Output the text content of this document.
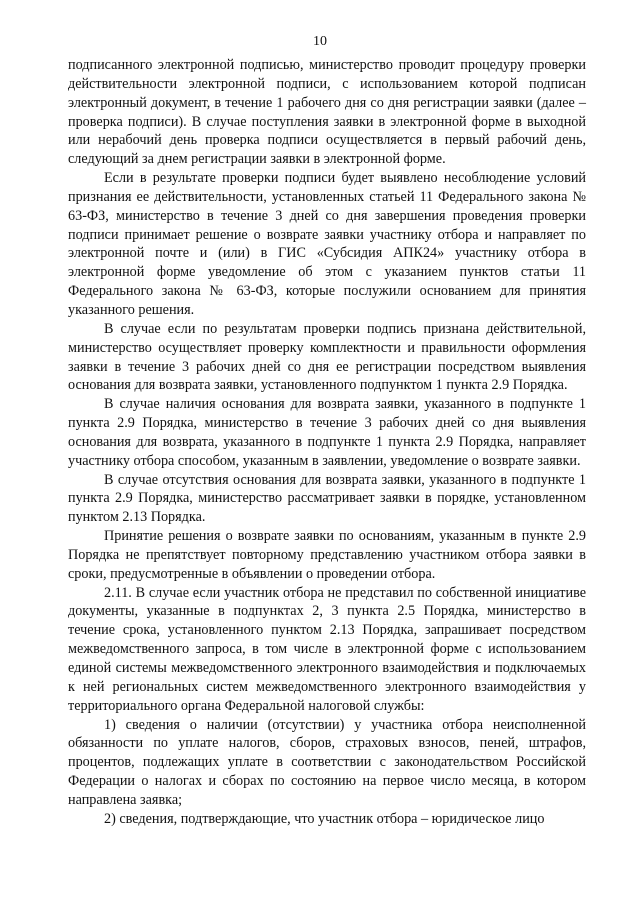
10

подписанного электронной подписью, министерство проводит процедуру проверки действительности электронной подписи, с использованием которой подписан электронный документ, в течение 1 рабочего дня со дня регистрации заявки (далее – проверка подписи). В случае поступления заявки в электронной форме в выходной или нерабочий день проверка подписи осуществляется в первый рабочий день, следующий за днем регистрации заявки в электронной форме.

Если в результате проверки подписи будет выявлено несоблюдение условий признания ее действительности, установленных статьей 11 Федерального закона № 63-ФЗ, министерство в течение 3 дней со дня завершения проведения проверки подписи принимает решение о возврате заявки участнику отбора и направляет по электронной почте и (или) в ГИС «Субсидия АПК24» участнику отбора в электронной форме уведомление об этом с указанием пунктов статьи 11 Федерального закона № 63-ФЗ, которые послужили основанием для принятия указанного решения.

В случае если по результатам проверки подпись признана действительной, министерство осуществляет проверку комплектности и правильности оформления заявки в течение 3 рабочих дней со дня ее регистрации посредством выявления основания для возврата заявки, установленного подпунктом 1 пункта 2.9 Порядка.

В случае наличия основания для возврата заявки, указанного в подпункте 1 пункта 2.9 Порядка, министерство в течение 3 рабочих дней со дня выявления основания для возврата, указанного в подпункте 1 пункта 2.9 Порядка, направляет участнику отбора способом, указанным в заявлении, уведомление о возврате заявки.

В случае отсутствия основания для возврата заявки, указанного в подпункте 1 пункта 2.9 Порядка, министерство рассматривает заявки в порядке, установленном пунктом 2.13 Порядка.

Принятие решения о возврате заявки по основаниям, указанным в пункте 2.9 Порядка не препятствует повторному представлению участником отбора заявки в сроки, предусмотренные в объявлении о проведении отбора.

2.11. В случае если участник отбора не представил по собственной инициативе документы, указанные в подпунктах 2, 3 пункта 2.5 Порядка, министерство в течение срока, установленного пунктом 2.13 Порядка, запрашивает посредством межведомственного запроса, в том числе в электронной форме с использованием единой системы межведомственного электронного взаимодействия и подключаемых к ней региональных систем межведомственного электронного взаимодействия у территориального органа Федеральной налоговой службы:

1) сведения о наличии (отсутствии) у участника отбора неисполненной обязанности по уплате налогов, сборов, страховых взносов, пеней, штрафов, процентов, подлежащих уплате в соответствии с законодательством Российской Федерации о налогах и сборах по состоянию на первое число месяца, в котором направлена заявка;

2) сведения, подтверждающие, что участник отбора – юридическое лицо
